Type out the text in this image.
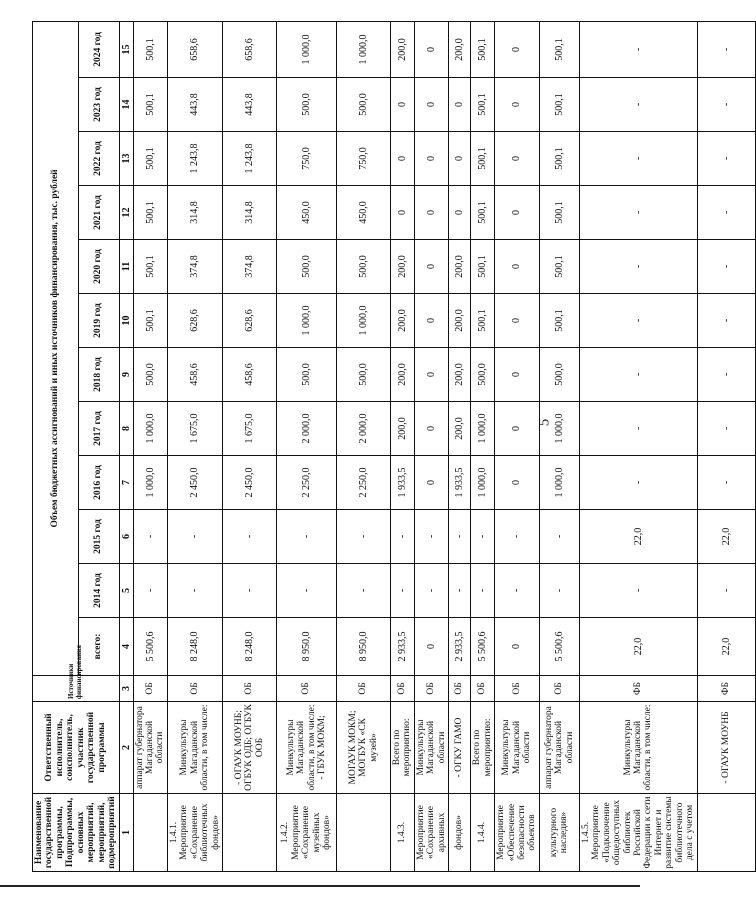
5
Наименование государственной программы, Подпрограммы, основных мероприятий, мероприятий, подмероприятий	Ответственный исполнитель, соисполнитель, участник государственной программы	Источники финансирования	Объем бюджетных ассигнований и иных источников финансирования, тыс. рублей											
			всего:	2014 год	2015 год	2016 год	2017 год	2018 год	2019 год	2020 год	2021 год	2022 год	2023 год	2024 год
1	2	3	4	5	6	7	8	9	10	11	12	13	14	15
	аппарат губернатора Магаданской области	ОБ	5 500,6	-	-	1 000,0	1 000,0	500,0	500,1	500,1	500,1	500,1	500,1	500,1
1.4.1. Мероприятие «Сохранение библиотечных фондов»	Минкультуры Магаданской области, в том числе:	ОБ	8 248,0	-	-	2 450,0	1 675,0	458,6	628,6	374,8	314,8	1 243,8	443,8	658,6
	- ОГАУК МОУНБ; ОГБУК ОДБ; ОГБУК ООБ	ОБ	8 248,0	-	-	2 450,0	1 675,0	458,6	628,6	374,8	314,8	1 243,8	443,8	658,6
1.4.2. Мероприятие «Сохранение музейных фондов»	Минкультуры Магаданской области, в том числе: - ГБУК МОКМ;	ОБ	8 950,0	-	-	2 250,0	2 000,0	500,0	1 000,0	500,0	450,0	750,0	500,0	1 000,0
	МОГАУК МОКМ; МОГБУК «СК музей»	ОБ	8 950,0	-	-	2 250,0	2 000,0	500,0	1 000,0	500,0	450,0	750,0	500,0	1 000,0
1.4.3.	Всего по мероприятию:	ОБ	2 933,5	-	-	1 933,5	200,0	200,0	200,0	200,0	0	0	0	200,0
Мероприятие «Сохранение архивных	Минкультуры Магаданской области	ОБ	0	-	-	0	0	0	0	0	0	0	0	0
фондов»	- ОГКУ ГАМО	ОБ	2 933,5	-	-	1 933,5	200,0	200,0	200,0	200,0	0	0	0	200,0
1.4.4.	Всего по мероприятию:	ОБ	5 500,6	-	-	1 000,0	1 000,0	500,0	500,1	500,1	500,1	500,1	500,1	500,1
Мероприятие «Обеспечение безопасности объектов	Минкультуры Магаданской области	ОБ	0	-	-	0	0	0	0	0	0	0	0	0
культурного наследия»	аппарат губернатора Магаданской области	ОБ	5 500,6	-	-	1 000,0	1 000,0	500,0	500,1	500,1	500,1	500,1	500,1	500,1
1.4.5. Мероприятие «Подключение общедоступных библиотек Российской Федерации к сети Интернет и развитие системы библиотечного дела с учетом	Минкультуры Магаданской области, в том числе:	ФБ	22,0	-	22,0	-	-	-	-	-	-	-	-	-
	- ОГАУК МОУНБ	ФБ	22,0	-	22,0	-	-	-	-	-	-	-	-	-
